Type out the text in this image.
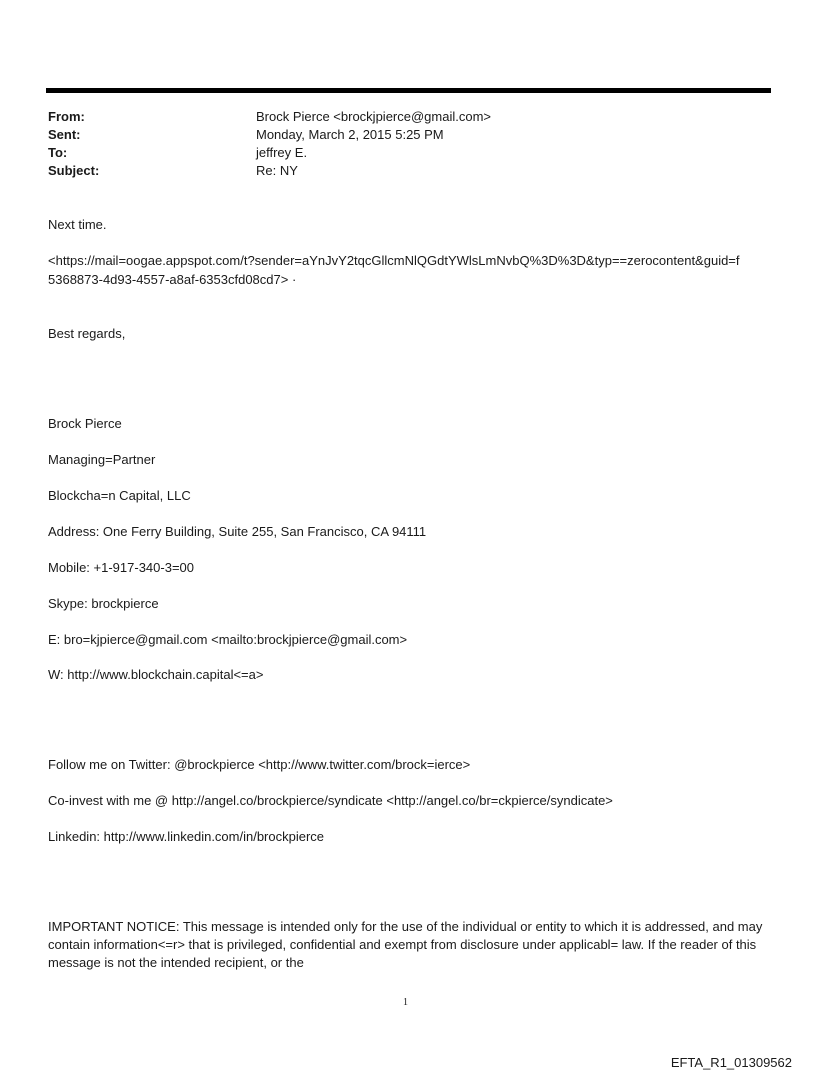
From:	Brock Pierce <brockjpierce@gmail.com>
Sent:	Monday, March 2, 2015 5:25 PM
To:	jeffrey E.
Subject:	Re: NY
Next time.
<https://mail=oogae.appspot.com/t?sender=aYnJvY2tqcGllcmNlQGdtYWlsLmNvbQ%3D%3D&typ==zerocontent&guid=f
5368873-4d93-4557-a8af-6353cfd08cd7> ·
Best regards,
Brock Pierce
Managing=Partner
Blockcha=n Capital, LLC
Address: One Ferry Building, Suite 255, San Francisco, CA 94111
Mobile: +1-917-340-3=00
Skype: brockpierce
E: bro=kjpierce@gmail.com <mailto:brockjpierce@gmail.com>
W: http://www.blockchain.capital<=a>
Follow me on Twitter: @brockpierce <http://www.twitter.com/brock=ierce>
Co-invest with me @ http://angel.co/brockpierce/syndicate <http://angel.co/br=ckpierce/syndicate>
Linkedin: http://www.linkedin.com/in/brockpierce
IMPORTANT NOTICE: This message is intended only for the use of the individual or entity to which it is addressed, and may contain information<=r> that is privileged, confidential and exempt from disclosure under applicabl= law. If the reader of this message is not the intended recipient, or the
1
EFTA_R1_01309562
